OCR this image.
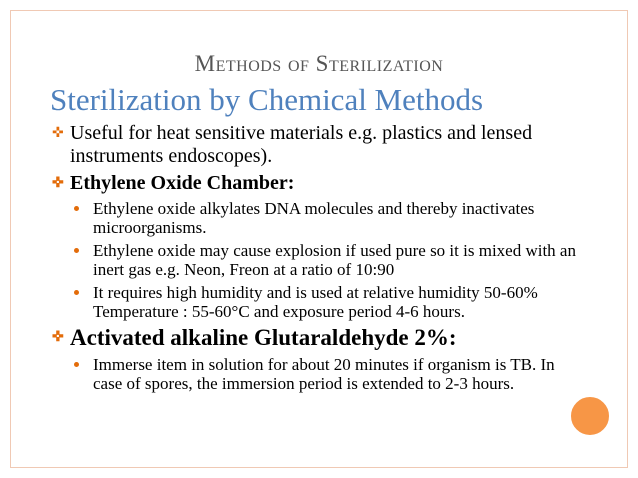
Methods of Sterilization
Sterilization by Chemical Methods
✜ Useful for heat sensitive materials e.g. plastics and lensed instruments endoscopes).
✜ Ethylene Oxide Chamber:
Ethylene oxide alkylates DNA molecules and thereby inactivates microorganisms.
Ethylene oxide may cause explosion if used pure so it is mixed with an inert gas e.g. Neon, Freon at a ratio of 10:90
It requires high humidity and is used at relative humidity 50-60% Temperature : 55-60°C and exposure period 4-6 hours.
✜ Activated alkaline Glutaraldehyde 2%:
Immerse item in solution for about 20 minutes if organism is TB. In case of spores, the immersion period is extended to 2-3 hours.
